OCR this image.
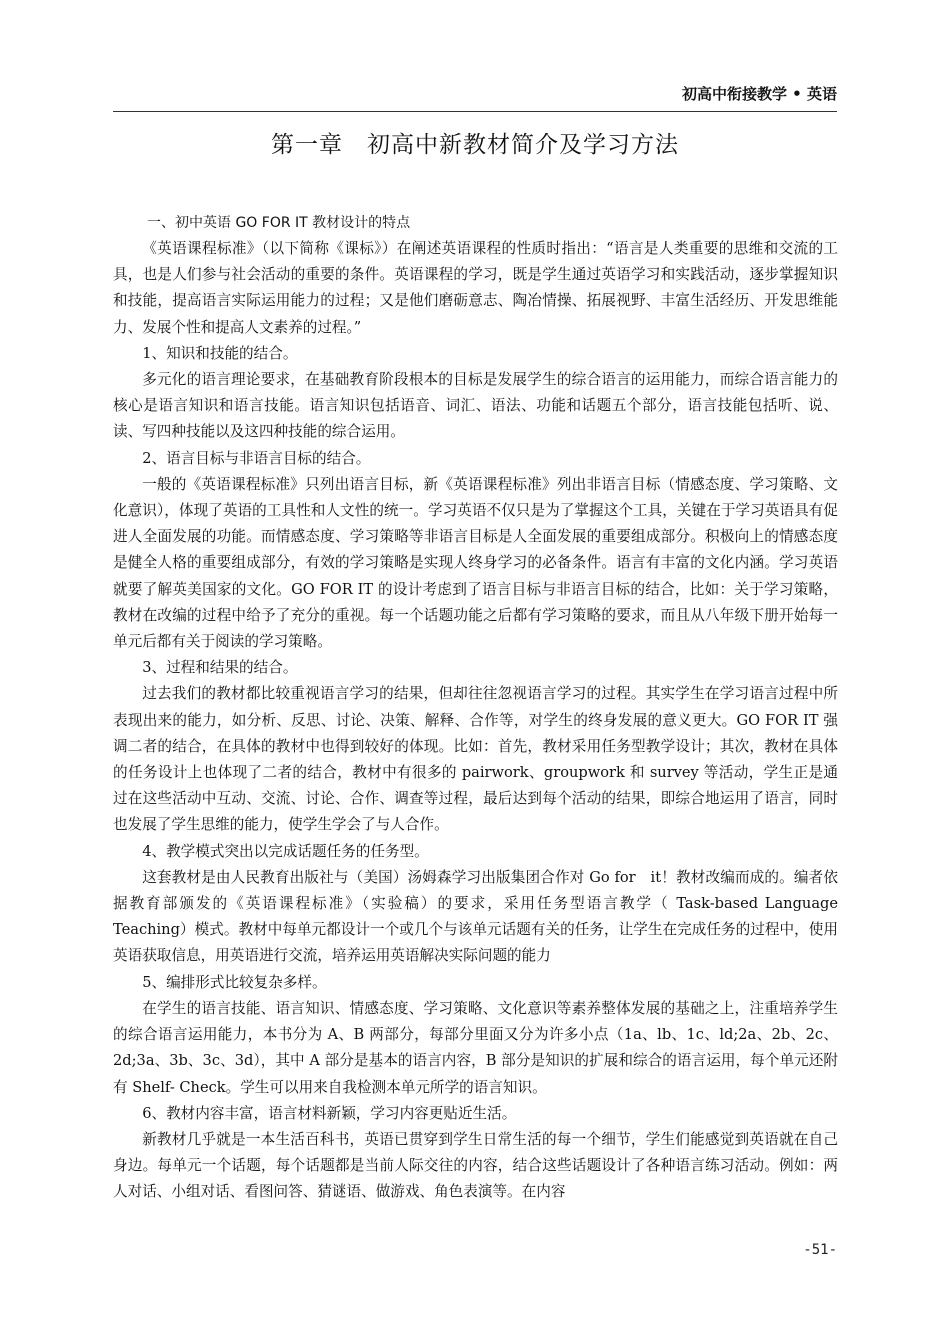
初高中衔接教学 • 英语
第一章 初高中新教材简介及学习方法

一、初中英语 GO FOR IT 教材设计的特点

《英语课程标准》（以下简称《课标》）在阐述英语课程的性质时指出：“语言是人类重要的思维和交流的工具，也是人们参与社会活动的重要的条件。英语课程的学习，既是学生通过英语学习和实践活动，逐步掌握知识和技能，提高语言实际运用能力的过程；又是他们磨砺意志、陶冶情操、拓展视野、丰富生活经历、开发思维能力、发展个性和提高人文素养的过程。”

1、知识和技能的结合。

多元化的语言理论要求，在基础教育阶段根本的目标是发展学生的综合语言的运用能力，而综合语言能力的核心是语言知识和语言技能。语言知识包括语音、词汇、语法、功能和话题五个部分，语言技能包括听、说、读、写四种技能以及这四种技能的综合运用。

2、语言目标与非语言目标的结合。

一般的《英语课程标准》只列出语言目标，新《英语课程标准》列出非语言目标（情感态度、学习策略、文化意识），体现了英语的工具性和人文性的统一。学习英语不仅只是为了掌握这个工具，关键在于学习英语具有促进人全面发展的功能。而情感态度、学习策略等非语言目标是人全面发展的重要组成部分。积极向上的情感态度是健全人格的重要组成部分，有效的学习策略是实现人终身学习的必备条件。语言有丰富的文化内涵。学习英语就要了解英美国家的文化。GO FOR IT 的设计考虑到了语言目标与非语言目标的结合，比如：关于学习策略，教材在改编的过程中给予了充分的重视。每一个话题功能之后都有学习策略的要求，而且从八年级下册开始每一单元后都有关于阅读的学习策略。

3、过程和结果的结合。

过去我们的教材都比较重视语言学习的结果，但却往往忽视语言学习的过程。其实学生在学习语言过程中所表现出来的能力，如分析、反思、讨论、决策、解释、合作等，对学生的终身发展的意义更大。GO FOR IT 强调二者的结合，在具体的教材中也得到较好的体现。比如：首先，教材采用任务型教学设计；其次，教材在具体的任务设计上也体现了二者的结合，教材中有很多的 pairwork、groupwork 和 survey 等活动，学生正是通过在这些活动中互动、交流、讨论、合作、调查等过程，最后达到每个活动的结果，即综合地运用了语言，同时也发展了学生思维的能力，使学生学会了与人合作。

4、教学模式突出以完成话题任务的任务型。

这套教材是由人民教育出版社与（美国）汤姆森学习出版集团合作对 Go for　it！教材改编而成的。编者依据教育部颁发的《英语课程标准》（实验稿）的要求，采用任务型语言教学（ Task-based Language Teaching）模式。教材中每单元都设计一个或几个与该单元话题有关的任务，让学生在完成任务的过程中，使用英语获取信息，用英语进行交流，培养运用英语解决实际问题的能力

5、编排形式比较复杂多样。

在学生的语言技能、语言知识、情感态度、学习策略、文化意识等素养整体发展的基础之上，注重培养学生的综合语言运用能力，本书分为 A、B 两部分，每部分里面又分为许多小点（1a、lb、1c、ld;2a、2b、2c、2d;3a、3b、3c、3d），其中 A 部分是基本的语言内容，B 部分是知识的扩展和综合的语言运用，每个单元还附有 Shelf- Check。学生可以用来自我检测本单元所学的语言知识。

6、教材内容丰富，语言材料新颖，学习内容更贴近生活。

新教材几乎就是一本生活百科书，英语已贯穿到学生日常生活的每一个细节，学生们能感觉到英语就在自己身边。每单元一个话题，每个话题都是当前人际交往的内容，结合这些话题设计了各种语言练习活动。例如：两人对话、小组对话、看图问答、猜谜语、做游戏、角色表演等。在内容

-51-
